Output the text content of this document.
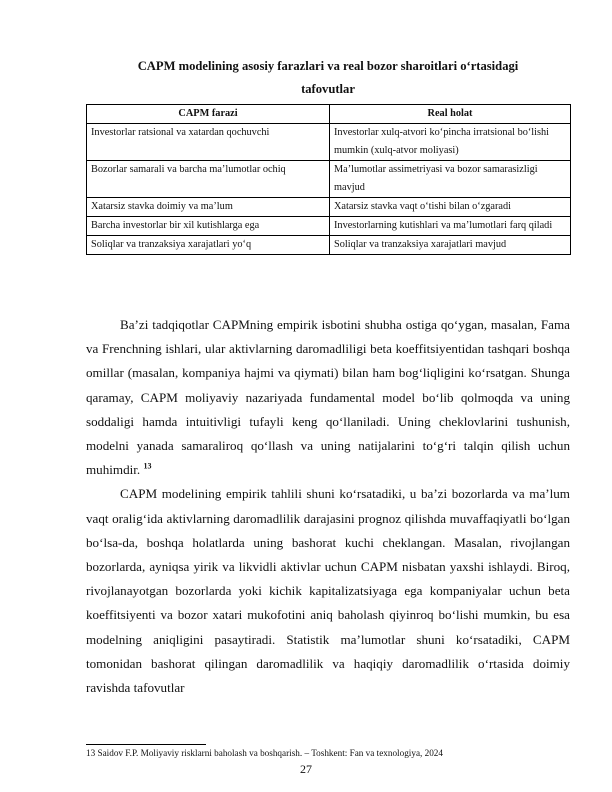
CAPM modelining asosiy farazlari va real bozor sharoitlari o‘rtasidagi
tafovutlar
CAPM farazi	Real holat
Investorlar ratsional va xatardan qochuvchi	Investorlar xulq-atvori ko‘pincha irratsional bo‘lishi mumkin (xulq-atvor moliyasi)
Bozorlar samarali va barcha ma’lumotlar ochiq	Ma’lumotlar assimetriyasi va bozor samarasizligi mavjud
Xatarsiz stavka doimiy va ma’lum	Xatarsiz stavka vaqt o‘tishi bilan o‘zgaradi
Barcha investorlar bir xil kutishlarga ega	Investorlarning kutishlari va ma’lumotlari farq qiladi
Soliqlar va tranzaksiya xarajatlari yo‘q	Soliqlar va tranzaksiya xarajatlari mavjud

Ba’zi tadqiqotlar CAPMning empirik isbotini shubha ostiga qo‘ygan, masalan, Fama va Frenchning ishlari, ular aktivlarning daromadliligi beta koeffitsiyentidan tashqari boshqa omillar (masalan, kompaniya hajmi va qiymati) bilan ham bog‘liqligini ko‘rsatgan. Shunga qaramay, CAPM moliyaviy nazariyada fundamental model bo‘lib qolmoqda va uning soddaligi hamda intuitivligi tufayli keng qo‘llaniladi. Uning cheklovlarini tushunish, modelni yanada samaraliroq qo‘llash va uning natijalarini to‘g‘ri talqin qilish uchun muhimdir. $^{13}$

CAPM modelining empirik tahlili shuni ko‘rsatadiki, u ba’zi bozorlarda va ma’lum vaqt oralig‘ida aktivlarning daromadlilik darajasini prognoz qilishda muvaffaqiyatli bo‘lgan bo‘lsa-da, boshqa holatlarda uning bashorat kuchi cheklangan. Masalan, rivojlangan bozorlarda, ayniqsa yirik va likvidli aktivlar uchun CAPM nisbatan yaxshi ishlaydi. Biroq, rivojlanayotgan bozorlarda yoki kichik kapitalizatsiyaga ega kompaniyalar uchun beta koeffitsiyenti va bozor xatari mukofotini aniq baholash qiyinroq bo‘lishi mumkin, bu esa modelning aniqligini pasaytiradi. Statistik ma’lumotlar shuni ko‘rsatadiki, CAPM tomonidan bashorat qilingan daromadlilik va haqiqiy daromadlilik o‘rtasida doimiy ravishda tafovutlar

13 Saidov F.P. Moliyaviy risklarni baholash va boshqarish. – Toshkent: Fan va texnologiya, 2024
27
